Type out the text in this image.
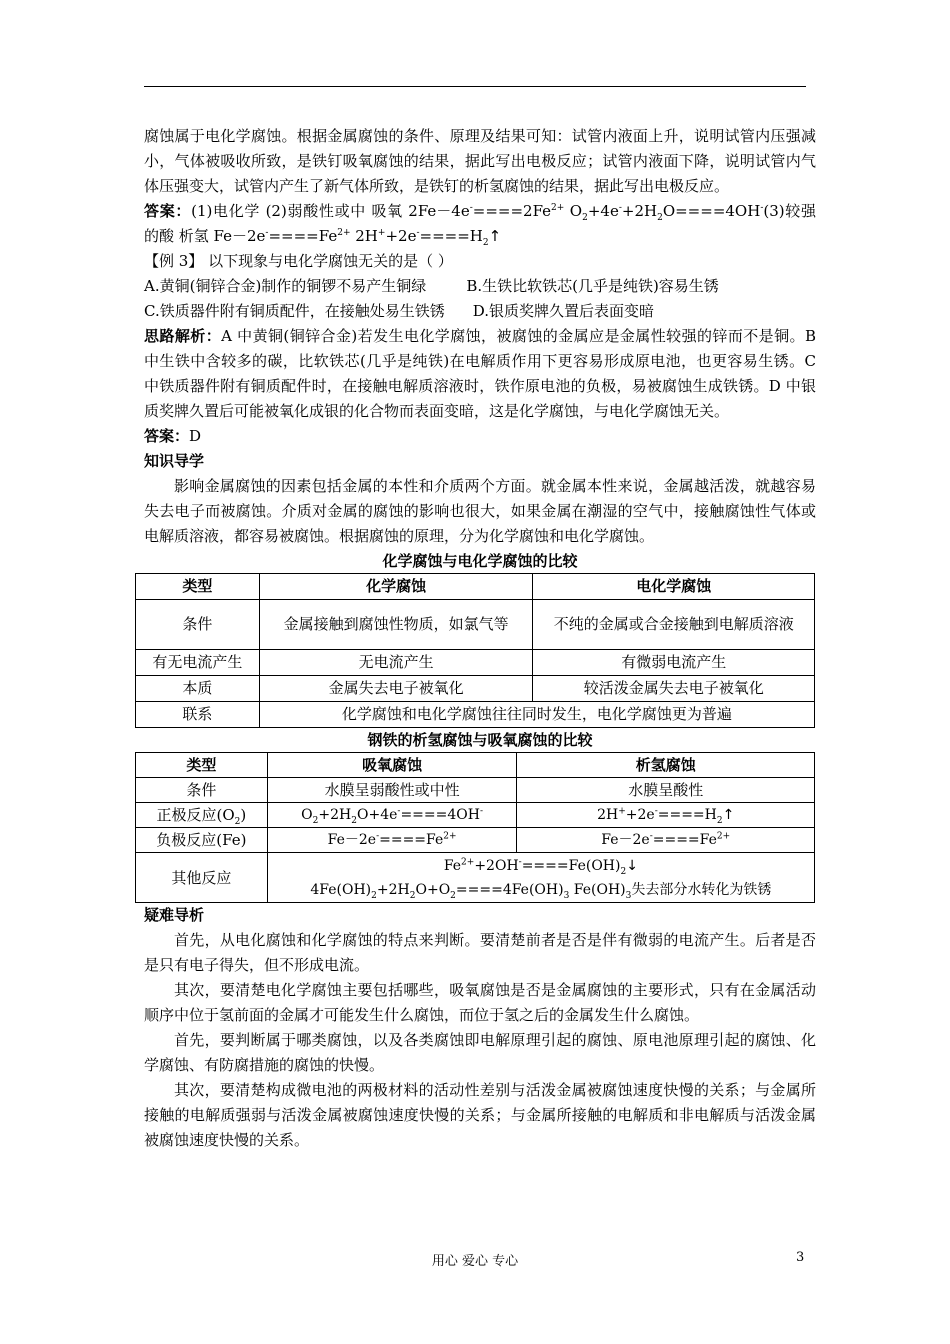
腐蚀属于电化学腐蚀。根据金属腐蚀的条件、原理及结果可知：试管内液面上升，说明试管内压强减小，气体被吸收所致，是铁钉吸氧腐蚀的结果，据此写出电极反应；试管内液面下降，说明试管内气体压强变大，试管内产生了新气体所致，是铁钉的析氢腐蚀的结果，据此写出电极反应。

答案：(1)电化学 (2)弱酸性或中 吸氧 $2Fe-4e^-====2Fe^{2+}$ $O_2+4e^-+2H_2O====4OH^-(3)$较强的酸 析氢 $Fe-2e^-====Fe^{2+}$ $2H^++2e^-====H_2↑$

【例 3】 以下现象与电化学腐蚀无关的是（ ）

A.黄铜(铜锌合金)制作的铜锣不易产生铜绿	B.生铁比软铁芯(几乎是纯铁)容易生锈

C.铁质器件附有铜质配件，在接触处易生铁锈 D.银质奖牌久置后表面变暗

思路解析：A 中黄铜(铜锌合金)若发生电化学腐蚀，被腐蚀的金属应是金属性较强的锌而不是铜。B 中生铁中含较多的碳，比软铁芯(几乎是纯铁)在电解质作用下更容易形成原电池，也更容易生锈。C 中铁质器件附有铜质配件时，在接触电解质溶液时，铁作原电池的负极，易被腐蚀生成铁锈。D 中银质奖牌久置后可能被氧化成银的化合物而表面变暗，这是化学腐蚀，与电化学腐蚀无关。

答案：D

知识导学

影响金属腐蚀的因素包括金属的本性和介质两个方面。就金属本性来说，金属越活泼，就越容易失去电子而被腐蚀。介质对金属的腐蚀的影响也很大，如果金属在潮湿的空气中，接触腐蚀性气体或电解质溶液，都容易被腐蚀。根据腐蚀的原理，分为化学腐蚀和电化学腐蚀。

化学腐蚀与电化学腐蚀的比较

类型	化学腐蚀	电化学腐蚀
条件	金属接触到腐蚀性物质，如氯气等	不纯的金属或合金接触到电解质溶液
有无电流产生	无电流产生	有微弱电流产生
本质	金属失去电子被氧化	较活泼金属失去电子被氧化
联系	化学腐蚀和电化学腐蚀往往同时发生，电化学腐蚀更为普遍	

钢铁的析氢腐蚀与吸氧腐蚀的比较

类型	吸氧腐蚀	析氢腐蚀
条件	水膜呈弱酸性或中性	水膜呈酸性
正极反应$(O_2)$	$O_2+2H_2O+4e^-====4OH^-$	$2H^++2e^-====H_2↑$
负极反应(Fe)	$Fe-2e^-====Fe^{2+}$	$Fe-2e^-====Fe^{2+}$
其他反应	$Fe^{2+}+2OH^-====Fe(OH)_2↓$
$4Fe(OH)_2+2H_2O+O_2====4Fe(OH)_3$ $Fe(OH)_3$失去部分水转化为铁锈	

疑难导析

首先，从电化腐蚀和化学腐蚀的特点来判断。要清楚前者是否是伴有微弱的电流产生。后者是否是只有电子得失，但不形成电流。

其次，要清楚电化学腐蚀主要包括哪些，吸氧腐蚀是否是金属腐蚀的主要形式，只有在金属活动顺序中位于氢前面的金属才可能发生什么腐蚀，而位于氢之后的金属发生什么腐蚀。

首先，要判断属于哪类腐蚀，以及各类腐蚀即电解原理引起的腐蚀、原电池原理引起的腐蚀、化学腐蚀、有防腐措施的腐蚀的快慢。

其次，要清楚构成微电池的两极材料的活动性差别与活泼金属被腐蚀速度快慢的关系；与金属所接触的电解质强弱与活泼金属被腐蚀速度快慢的关系；与金属所接触的电解质和非电解质与活泼金属被腐蚀速度快慢的关系。

用心 爱心 专心	3
